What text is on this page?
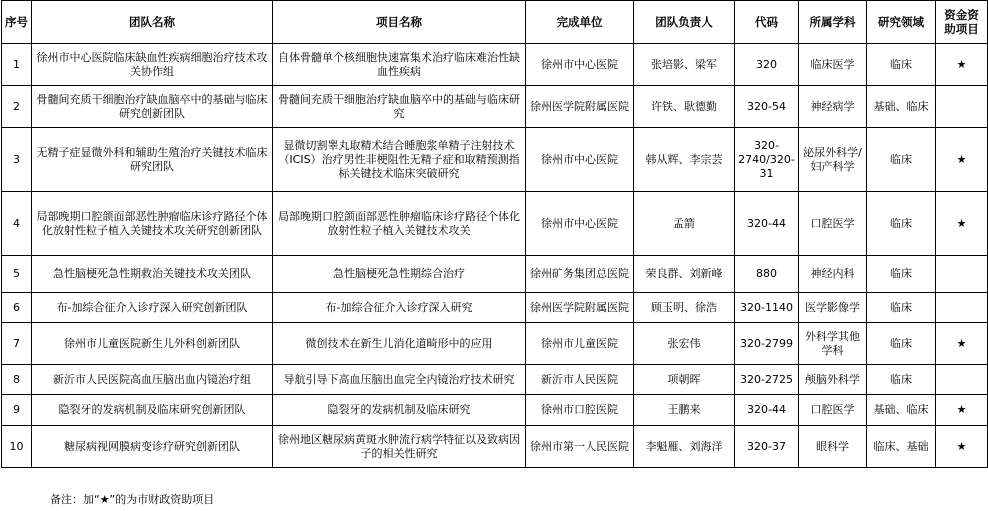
序号	团队名称	项目名称	完成单位	团队负责人	代码	所属学科	研究领域	资金资助项目
1	徐州市中心医院临床缺血性疾病细胞治疗技术攻关协作组	自体骨髓单个核细胞快速富集术治疗临床难治性缺血性疾病	徐州市中心医院	张培影、梁军	320	临床医学	临床	★
2	骨髓间充质干细胞治疗缺血脑卒中的基础与临床研究创新团队	骨髓间充质干细胞治疗缺血脑卒中的基础与临床研究	徐州医学院附属医院	许铁、耿德勤	320-54	神经病学	基础、临床	
3	无精子症显微外科和辅助生殖治疗关键技术临床研究团队	显微切割睾丸取精术结合睡胞浆单精子注射技术（ICIS）治疗男性非梗阻性无精子症和取精预测指标关键技术临床突破研究	徐州市中心医院	韩从辉、李宗芸	320-2740/320-31	泌尿外科学/妇产科学	临床	★
4	局部晚期口腔颌面部恶性肿瘤临床诊疗路径个体化放射性粒子植入关键技术攻关研究创新团队	局部晚期口腔颌面部恶性肿瘤临床诊疗路径个体化放射性粒子植入关键技术攻关	徐州市中心医院	孟箭	320-44	口腔医学	临床	★
5	急性脑梗死急性期救治关键技术攻关团队	急性脑梗死急性期综合治疗	徐州矿务集团总医院	荣良群、刘新峰	880	神经内科	临床	
6	布-加综合征介入诊疗深入研究创新团队	布-加综合征介入诊疗深入研究	徐州医学院附属医院	顾玉明、徐浩	320-1140	医学影像学	临床	
7	徐州市儿童医院新生儿外科创新团队	微创技术在新生儿消化道畸形中的应用	徐州市儿童医院	张宏伟	320-2799	外科学其他学科	临床	★
8	新沂市人民医院高血压脑出血内镜治疗组	导航引导下高血压脑出血完全内镜治疗技术研究	新沂市人民医院	项朝晖	320-2725	颅脑外科学	临床	
9	隐裂牙的发病机制及临床研究创新团队	隐裂牙的发病机制及临床研究	徐州市口腔医院	王鹏来	320-44	口腔医学	基础、临床	★
10	糖尿病视网膜病变诊疗研究创新团队	徐州地区糖尿病黄斑水肿流行病学特征以及致病因子的相关性研究	徐州市第一人民医院	李魁雁、刘海洋	320-37	眼科学	临床、基础	★
备注：加“★”的为市财政资助项目
